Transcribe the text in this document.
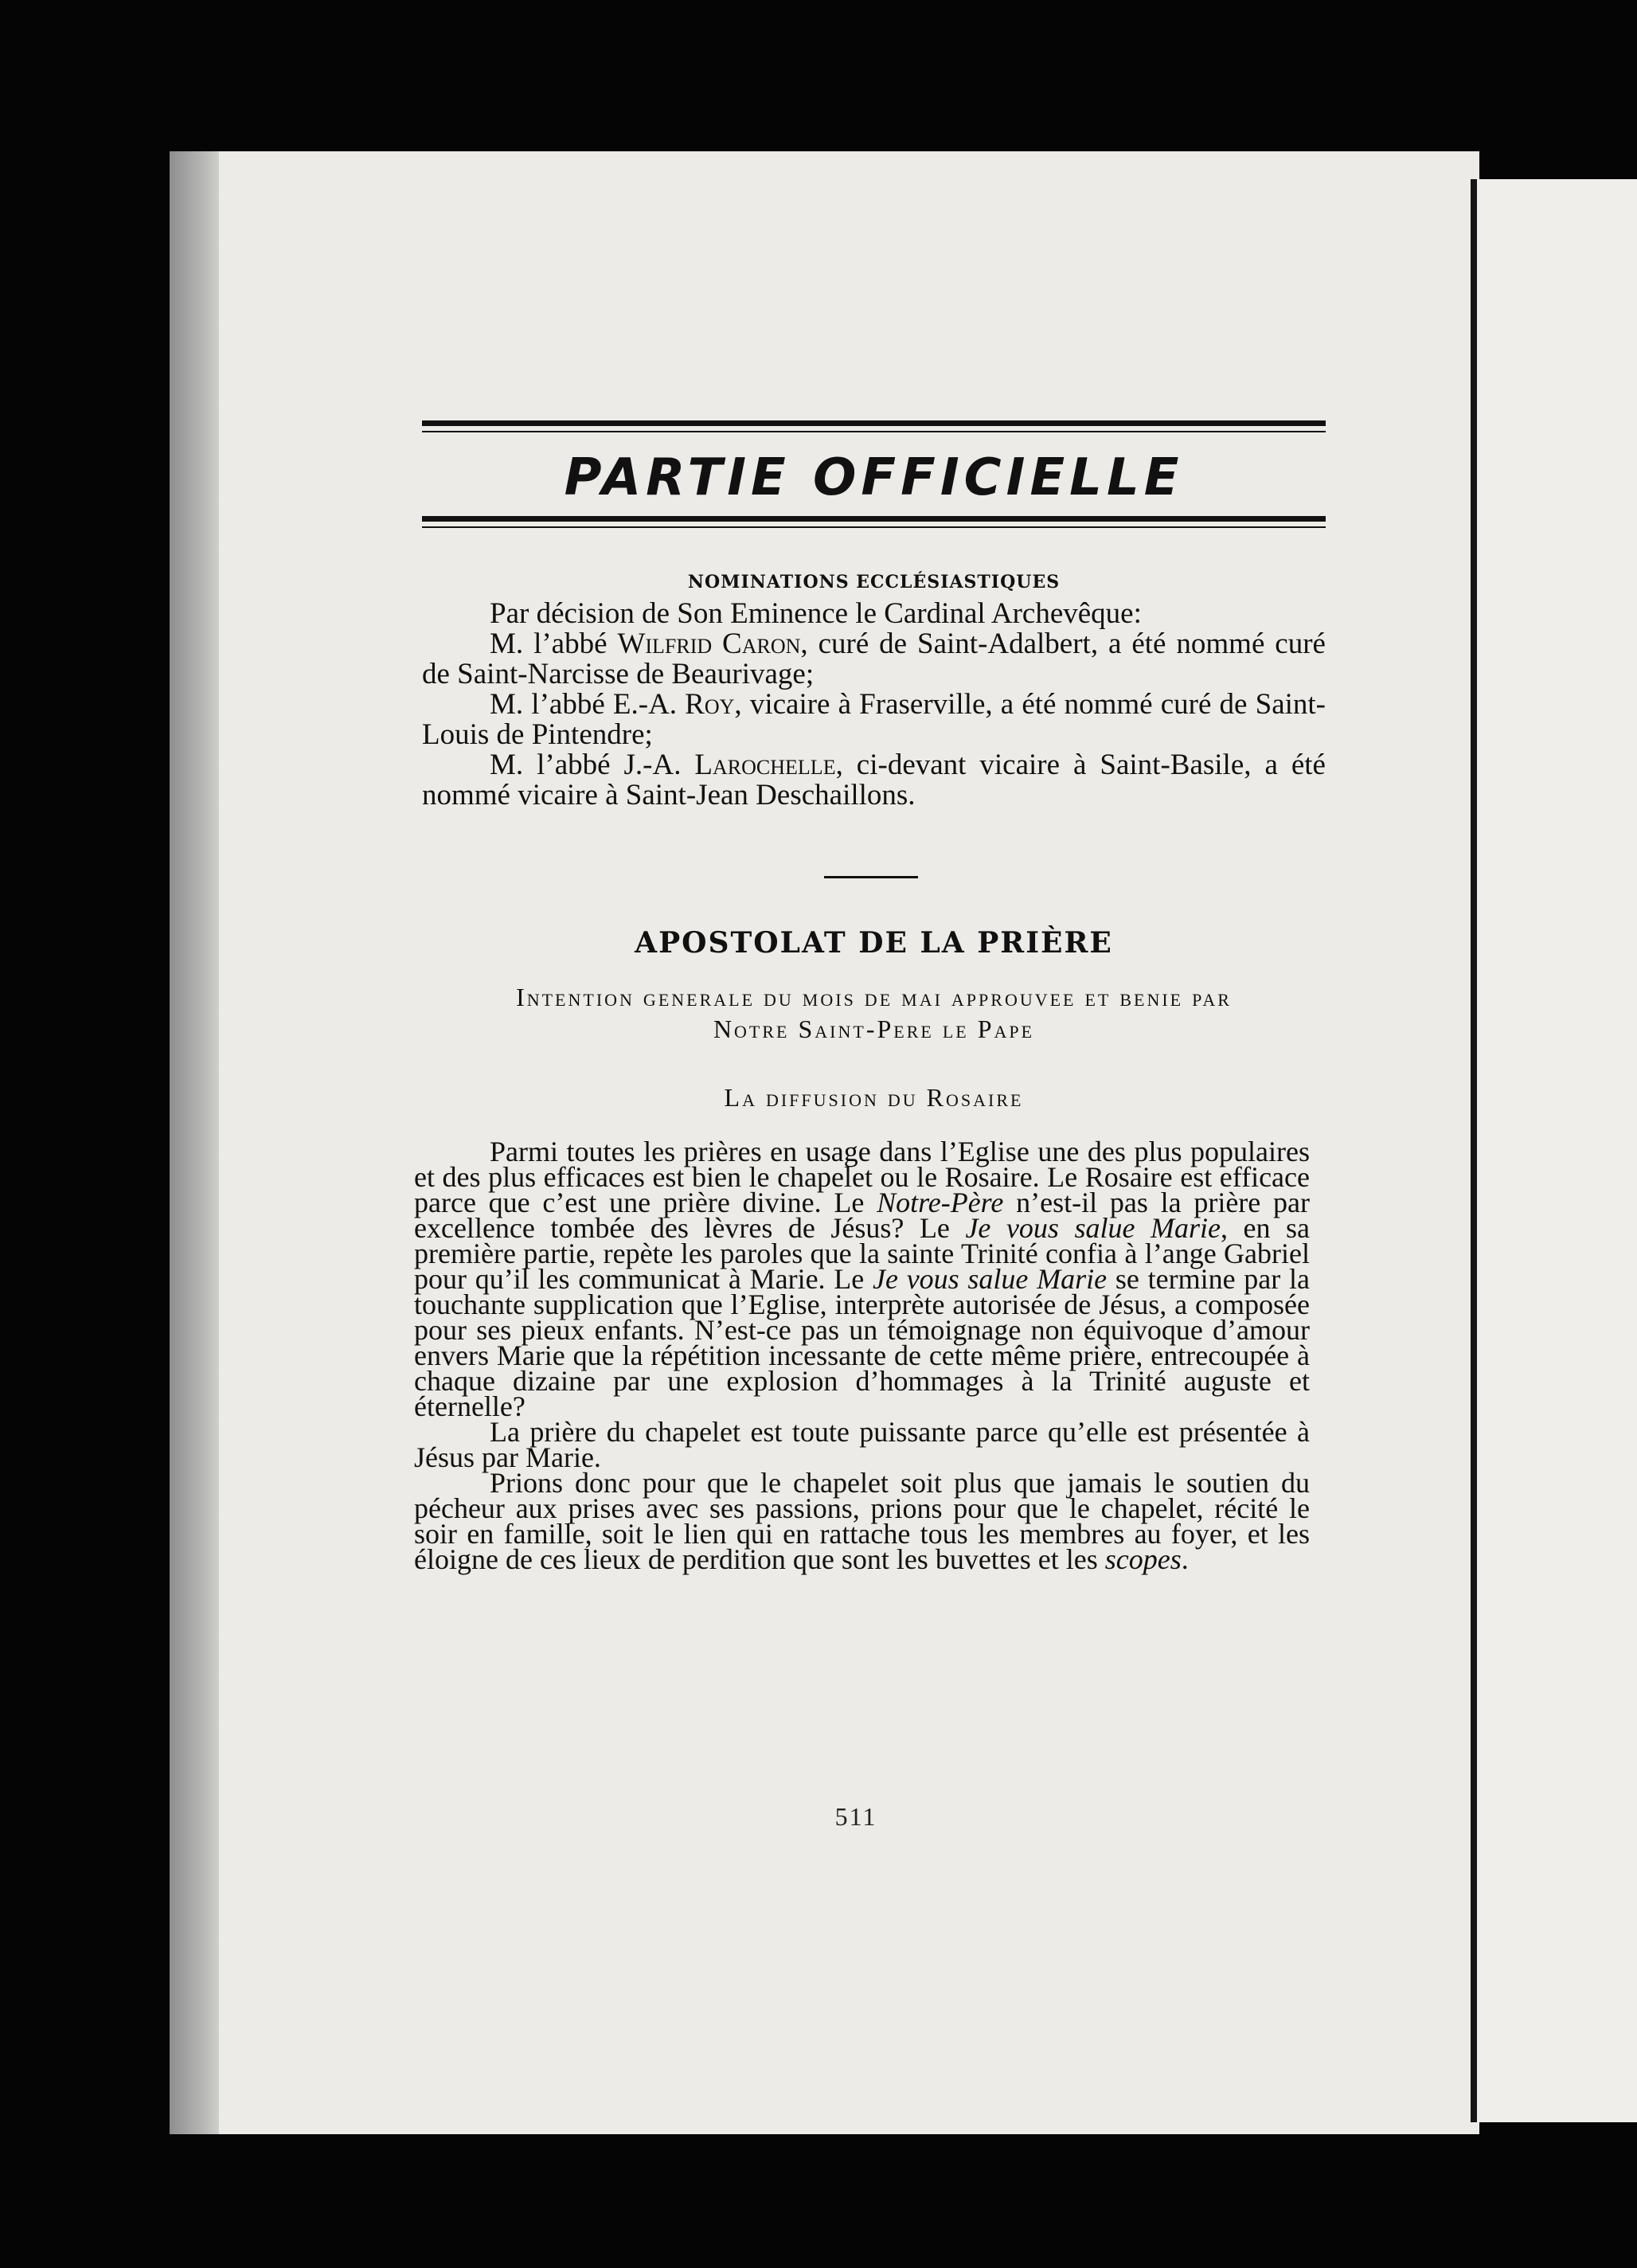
PARTIE OFFICIELLE
NOMINATIONS ECCLÉSIASTIQUES

Par décision de Son Eminence le Cardinal Archevêque:

M. l’abbé Wilfrid Caron, curé de Saint-Adalbert, a été nommé curé de Saint-Narcisse de Beaurivage;

M. l’abbé E.-A. Roy, vicaire à Fraserville, a été nommé curé de Saint-Louis de Pintendre;

M. l’abbé J.-A. Larochelle, ci-devant vicaire à Saint-Basile, a été nommé vicaire à Saint-Jean Deschaillons.

APOSTOLAT DE LA PRIÈRE

Intention generale du mois de mai approuvee et benie par
Notre Saint-Pere le Pape

La diffusion du Rosaire

Parmi toutes les prières en usage dans l’Eglise une des plus populaires et des plus efficaces est bien le chapelet ou le Rosaire. Le Rosaire est efficace parce que c’est une prière divine. Le Notre-Père n’est-il pas la prière par excellence tombée des lèvres de Jésus? Le Je vous salue Marie, en sa première partie, repète les paroles que la sainte Trinité confia à l’ange Gabriel pour qu’il les communicat à Marie. Le Je vous salue Marie se termine par la touchante supplication que l’Eglise, interprète autorisée de Jésus, a composée pour ses pieux enfants. N’est-ce pas un témoignage non équivoque d’amour envers Marie que la répétition incessante de cette même prière, entrecoupée à chaque dizaine par une explosion d’hommages à la Trinité auguste et éternelle?

La prière du chapelet est toute puissante parce qu’elle est présentée à Jésus par Marie.

Prions donc pour que le chapelet soit plus que jamais le soutien du pécheur aux prises avec ses passions, prions pour que le chapelet, récité le soir en famille, soit le lien qui en rattache tous les membres au foyer, et les éloigne de ces lieux de perdition que sont les buvettes et les scopes.

511
